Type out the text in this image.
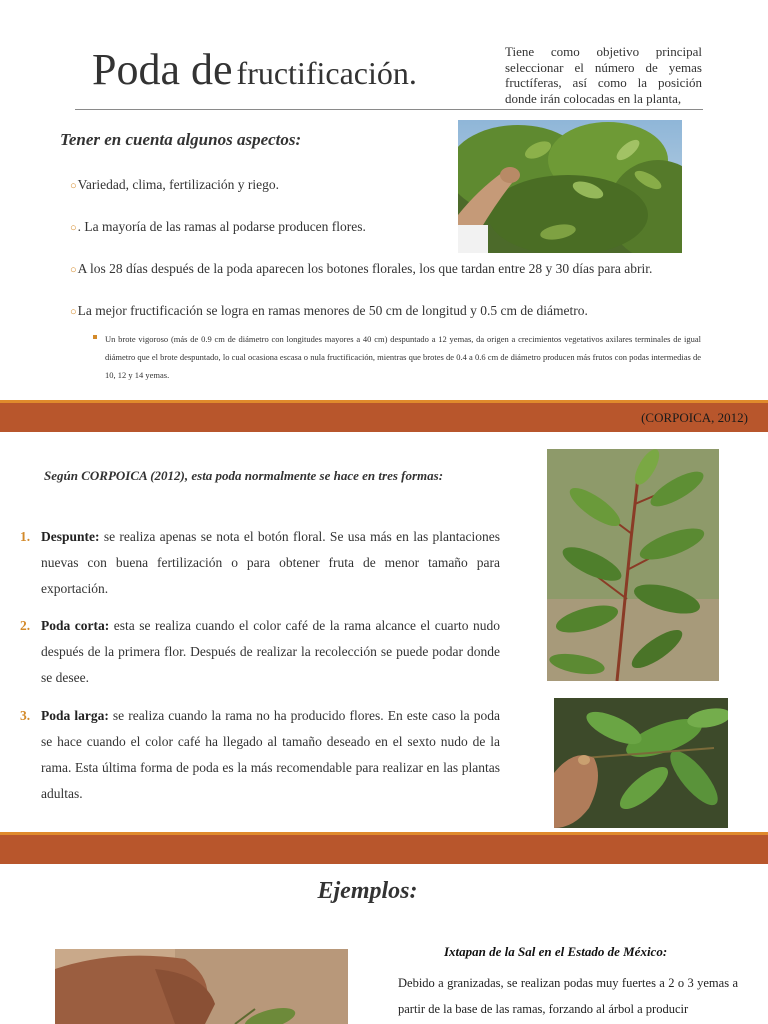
Poda de fructificación.
Tiene como objetivo principal seleccionar el número de yemas fructíferas, así como la posición donde irán colocadas en la planta,
Tener en cuenta algunos aspectos:
○Variedad, clima, fertilización y riego.
○. La mayoría de las ramas al podarse producen flores.
○A los 28 días después de la poda aparecen los botones florales, los que tardan entre 28 y 30 días para abrir.
○La mejor fructificación se logra en ramas menores de 50 cm de longitud y 0.5 cm de diámetro.
Un brote vigoroso (más de 0.9 cm de diámetro con longitudes mayores a 40 cm) despuntado a 12 yemas, da origen a crecimientos vegetativos axilares terminales de igual diámetro que el brote despuntado, lo cual ocasiona escasa o nula fructificación, mientras que brotes de 0.4 a 0.6 cm de diámetro producen más frutos con podas intermedias de 10, 12 y 14 yemas.
(CORPOICA, 2012)
Según CORPOICA (2012), esta poda normalmente se hace en tres formas:
1. Despunte: se realiza apenas se nota el botón floral. Se usa más en las plantaciones nuevas con buena fertilización o para obtener fruta de menor tamaño para exportación.
2. Poda corta: esta se realiza cuando el color café de la rama alcance el cuarto nudo después de la primera flor. Después de realizar la recolección se puede podar donde se desee.
3. Poda larga: se realiza cuando la rama no ha producido flores. En este caso la poda se hace cuando el color café ha llegado al tamaño deseado en el sexto nudo de la rama. Esta última forma de poda es la más recomendable para realizar en las plantas adultas.
Ejemplos:
Ixtapan de la Sal en el Estado de México:
Debido a granizadas, se realizan podas muy fuertes a 2 o 3 yemas a partir de la base de las ramas, forzando al árbol a producir
